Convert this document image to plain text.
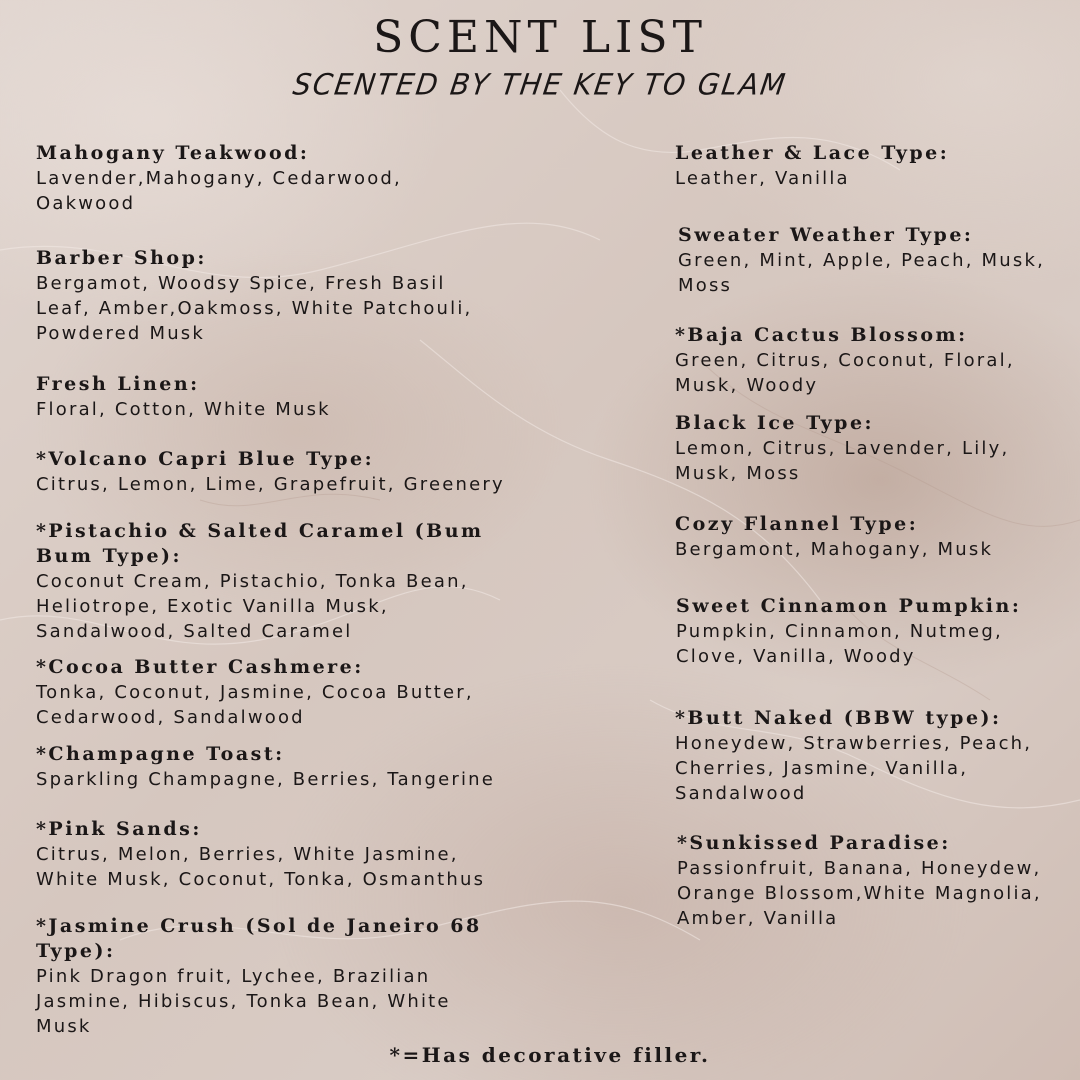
SCENT LIST
SCENTED BY THE KEY TO GLAM

Mahogany Teakwood:

Lavender,Mahogany, Cedarwood, Oakwood

Barber Shop:

Bergamot, Woodsy Spice, Fresh Basil Leaf, Amber,Oakmoss, White Patchouli, Powdered Musk

Fresh Linen:

Floral, Cotton, White Musk

*Volcano Capri Blue Type:

Citrus, Lemon, Lime, Grapefruit, Greenery

*Pistachio & Salted Caramel (Bum Bum Type):

Coconut Cream, Pistachio, Tonka Bean, Heliotrope, Exotic Vanilla Musk, Sandalwood, Salted Caramel

*Cocoa Butter Cashmere:

Tonka, Coconut, Jasmine, Cocoa Butter, Cedarwood, Sandalwood

*Champagne Toast:

Sparkling Champagne, Berries, Tangerine

*Pink Sands:

Citrus, Melon, Berries, White Jasmine, White Musk, Coconut, Tonka, Osmanthus

*Jasmine Crush (Sol de Janeiro 68 Type):

Pink Dragon fruit, Lychee, Brazilian Jasmine, Hibiscus, Tonka Bean, White Musk

Leather & Lace Type:

Leather, Vanilla

Sweater Weather Type:

Green, Mint, Apple, Peach, Musk, Moss

*Baja Cactus Blossom:

Green, Citrus, Coconut, Floral, Musk, Woody

Black Ice Type:

Lemon, Citrus, Lavender, Lily, Musk, Moss

Cozy Flannel Type:

Bergamont, Mahogany, Musk

Sweet Cinnamon Pumpkin:

Pumpkin, Cinnamon, Nutmeg, Clove, Vanilla, Woody

*Butt Naked (BBW type):

Honeydew, Strawberries, Peach, Cherries, Jasmine, Vanilla, Sandalwood

*Sunkissed Paradise:

Passionfruit, Banana, Honeydew, Orange Blossom,White Magnolia, Amber, Vanilla

*=Has decorative filler.
